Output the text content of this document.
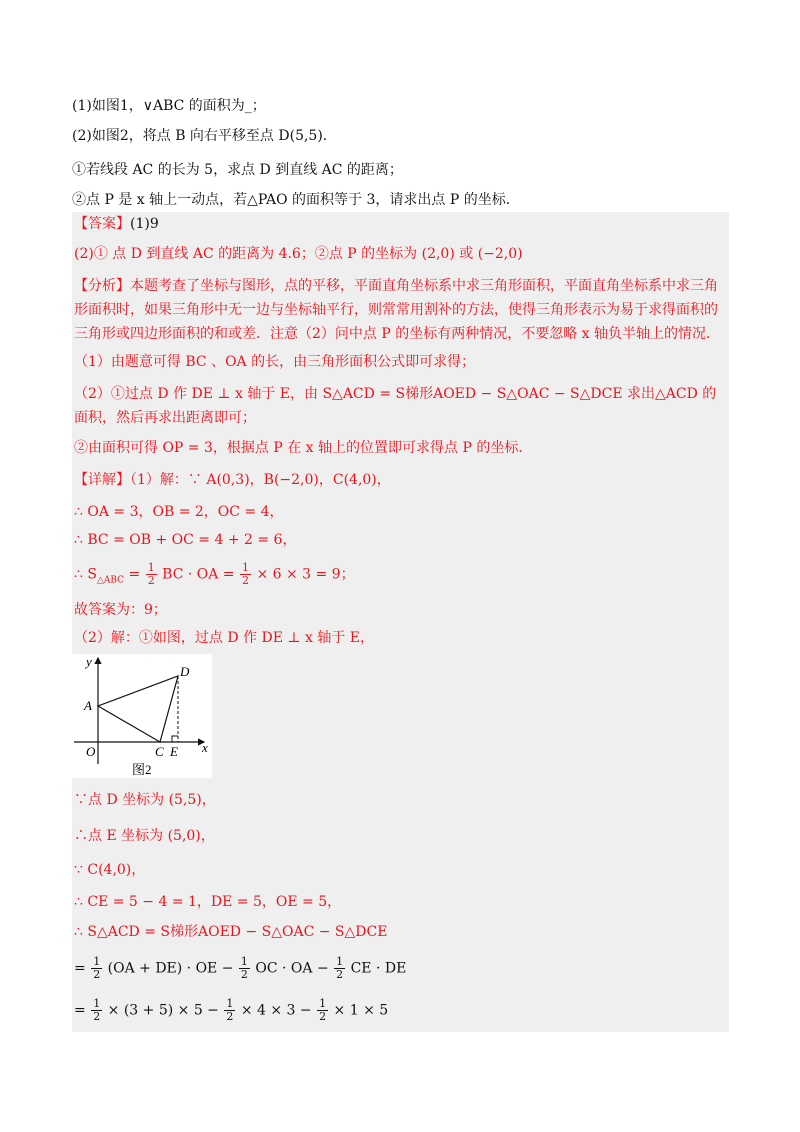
(1)如图1，∨ABC 的面积为_；
(2)如图2，将点 B 向右平移至点 D(5,5)．
①若线段 AC 的长为 5，求点 D 到直线 AC 的距离；
②点 P 是 x 轴上一动点，若△PAO 的面积等于 3，请求出点 P 的坐标．
【答案】(1)9
(2)① 点 D 到直线 AC 的距离为 4.6；②点 P 的坐标为 (2,0) 或 (−2,0)
【分析】本题考查了坐标与图形，点的平移，平面直角坐标系中求三角形面积，平面直角坐标系中求三角形面积时，如果三角形中无一边与坐标轴平行，则常常用割补的方法，使得三角形表示为易于求得面积的三角形或四边形面积的和或差．注意（2）问中点 P 的坐标有两种情况，不要忽略 x 轴负半轴上的情况．
（1）由题意可得 BC 、OA 的长，由三角形面积公式即可求得；
（2）①过点 D 作 DE ⊥ x 轴于 E，由 S△ACD = S梯形AOED − S△OAC − S△DCE 求出△ACD 的面积，然后再求出距离即可；
②由面积可得 OP = 3，根据点 P 在 x 轴上的位置即可求得点 P 的坐标．
【详解】（1）解：∵ A(0,3)，B(−2,0)，C(4,0)，
∴ OA = 3，OB = 2，OC = 4，
∴ BC = OB + OC = 4 + 2 = 6，
∴ $S_{\triangle ABC} = \frac{1}{2}$ BC · OA = $\frac{1}{2} \times 6 \times 3 = 9$；
故答案为：9；
（2）解：①如图，过点 D 作 DE ⊥ x 轴于 E，
y
x
O
A
C E
D
图2
∵点 D 坐标为 (5,5)，
∴点 E 坐标为 (5,0)，
∵ C(4,0)，
∴ CE = 5 − 4 = 1，DE = 5，OE = 5，
∴ S△ACD = S梯形AOED − S△OAC − S△DCE
= $\frac{1}{2} (OA + DE)$ · OE − $\frac{1}{2}$ OC · OA − $\frac{1}{2}$ CE · DE
= $\frac{1}{2} \times (3 + 5) \times 5 - \frac{1}{2} \times 4 \times 3 - \frac{1}{2} \times 1 \times 5$
